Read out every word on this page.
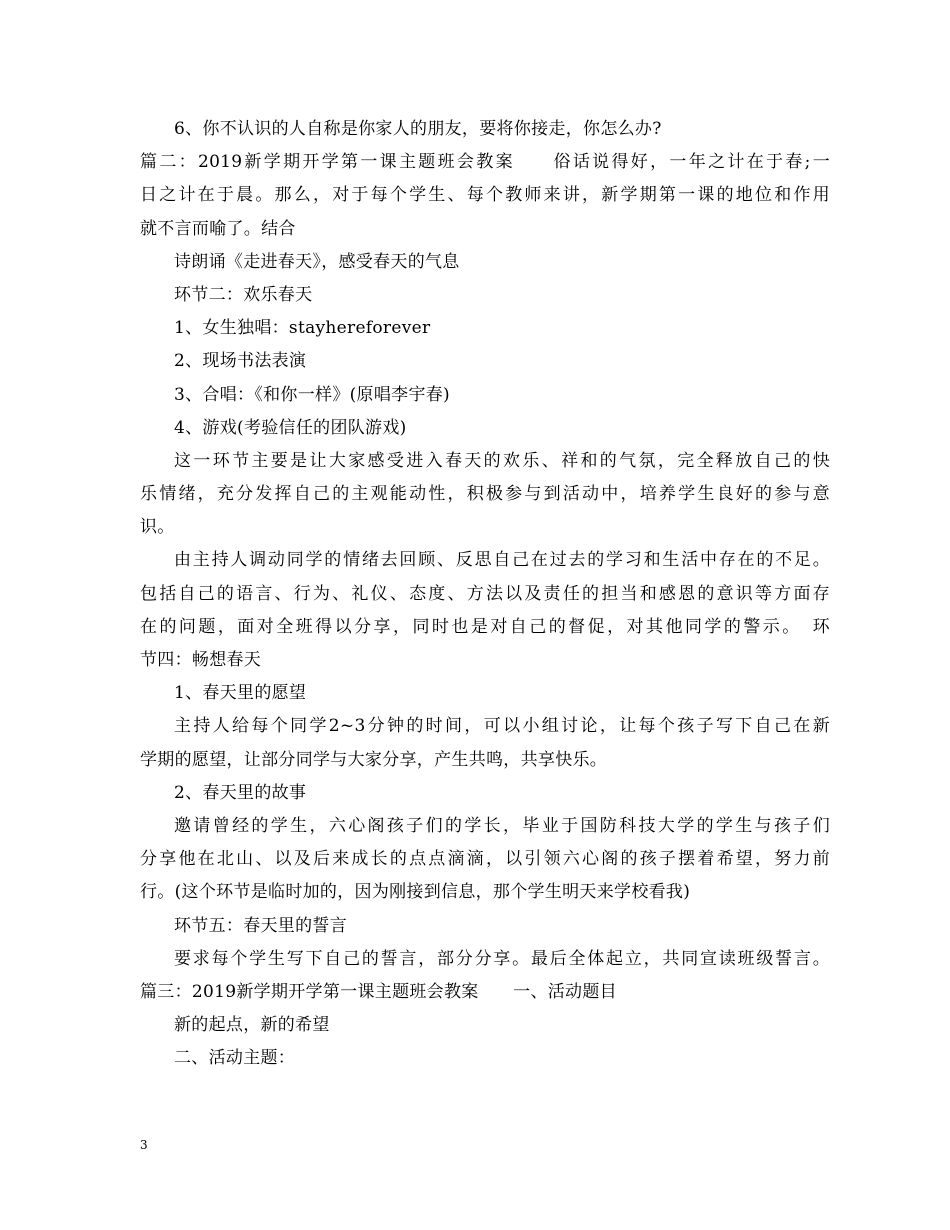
6、你不认识的人自称是你家人的朋友，要将你接走，你怎么办?
篇二：2019新学期开学第一课主题班会教案　　俗话说得好，一年之计在于春;一
日之计在于晨。那么，对于每个学生、每个教师来讲，新学期第一课的地位和作用
就不言而喻了。结合
诗朗诵《走进春天》，感受春天的气息
环节二：欢乐春天
1、女生独唱：stayhereforever
2、现场书法表演
3、合唱：《和你一样》(原唱李宇春)
4、游戏(考验信任的团队游戏)
这一环节主要是让大家感受进入春天的欢乐、祥和的气氛，完全释放自己的快
乐情绪，充分发挥自己的主观能动性，积极参与到活动中，培养学生良好的参与意
识。
由主持人调动同学的情绪去回顾、反思自己在过去的学习和生活中存在的不足。
包括自己的语言、行为、礼仪、态度、方法以及责任的担当和感恩的意识等方面存
在的问题，面对全班得以分享，同时也是对自己的督促，对其他同学的警示。　环
节四：畅想春天
1、春天里的愿望
主持人给每个同学2~3分钟的时间，可以小组讨论，让每个孩子写下自己在新
学期的愿望，让部分同学与大家分享，产生共鸣，共享快乐。
2、春天里的故事
邀请曾经的学生，六心阁孩子们的学长，毕业于国防科技大学的学生与孩子们
分享他在北山、以及后来成长的点点滴滴，以引领六心阁的孩子摆着希望，努力前
行。(这个环节是临时加的，因为刚接到信息，那个学生明天来学校看我)
环节五：春天里的誓言
要求每个学生写下自己的誓言，部分分享。最后全体起立，共同宣读班级誓言。
篇三：2019新学期开学第一课主题班会教案　　一、活动题目
新的起点，新的希望
二、活动主题：
3
